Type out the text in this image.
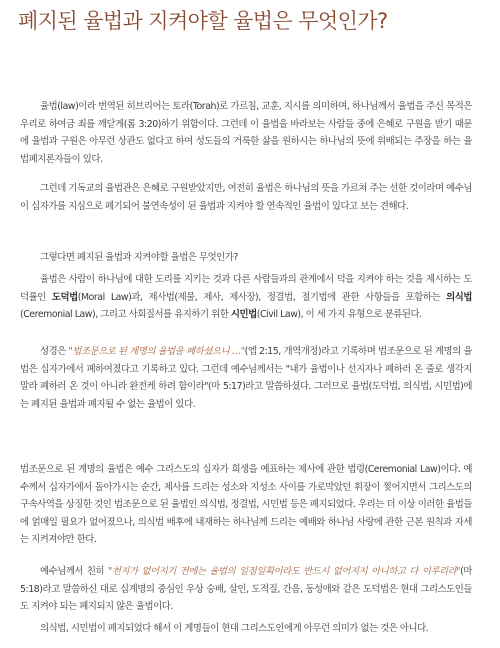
폐지된 율법과 지켜야할 율법은 무엇인가?

율법(law)이라 번역된 히브리어는 토라(Torah)로 가르침, 교훈, 지시를 의미하며, 하나님께서 율법을 주신 목적은 우리로 하여금 죄를 깨닫게(롬 3:20)하기 위함이다. 그런데 이 율법을 바라보는 사람들 중에 은혜로 구원을 받기 때문에 율법과 구원은 아무런 상관도 없다고 하여 성도들의 거룩한 삶을 원하시는 하나님의 뜻에 위배되는 주장을 하는 율법폐지론자들이 있다.

그런데 기독교의 율법관은 은혜로 구원받았지만, 여전히 율법은 하나님의 뜻을 가르쳐 주는 선한 것이라며 예수님이 십자가를 지심으로 폐기되어 불연속성이 된 율법과 지켜야 할 연속적인 율법이 있다고 보는 견해다.

그렇다면 폐지된 율법과 지켜야할 율법은 무엇인가?

율법은 사람이 하나님에 대한 도리를 지키는 것과 다른 사람들과의 관계에서 덕을 지켜야 하는 것을 제시하는 도덕률인 도덕법(Moral Law)과, 제사법(제물, 제사, 제사장), 정결법, 절기법에 관한 사항들을 포함하는 의식법(Ceremonial Law), 그리고 사회질서를 유지하기 위한 시민법(Civil Law), 이 세 가지 유형으로 분류된다.

성경은 "법조문으로 된 계명의 율법을 폐하셨으니 …"(엡 2:15, 개역개정)라고 기록하며 법조문으로 된 계명의 율법은 십자가에서 폐하여졌다고 기록하고 있다. 그런데 예수님께서는 "내가 율법이나 선지자나 폐하러 온 줄로 생각지 말라 폐하러 온 것이 아니라 완전케 하려 함이라"(마 5:17)라고 말씀하셨다. 그러므로 율법(도덕법, 의식법, 시민법)에는 폐지된 율법과 폐지될 수 없는 율법이 있다.

법조문으로 된 계명의 율법은 예수 그리스도의 십자가 희생을 예표하는 제사에 관한 법령(Ceremonial Law)이다. 예수께서 십자가에서 돌아가시는 순간, 제사를 드리는 성소와 지성소 사이를 가로막았던 휘장이 찢어지면서 그리스도의 구속사역을 상징한 것인 법조문으로 된 율법인 의식법, 정결법, 시민법 등은 폐지되었다. 우리는 더 이상 이러한 율법들에 얽매일 필요가 없어졌으나, 의식법 배후에 내재하는 하나님께 드리는 예배와 하나님 사랑에 관한 근본 원칙과 자세는 지켜져야만 한다.

예수님께서 친히 "천지가 없어지기 전에는 율법의 일점일획이라도 반드시 없어지지 아니하고 다 이루리라"(마 5:18)라고 말씀하신 대로 십계명의 중심인 우상 숭배, 살인, 도적질, 간음, 동성애와 같은 도덕법은 현대 그리스도인들도 지켜야 되는 폐지되지 않은 율법이다.

의식법, 시민법이 폐지되었다 해서 이 계명들이 현대 그리스도인에게 아무런 의미가 없는 것은 아니다.
